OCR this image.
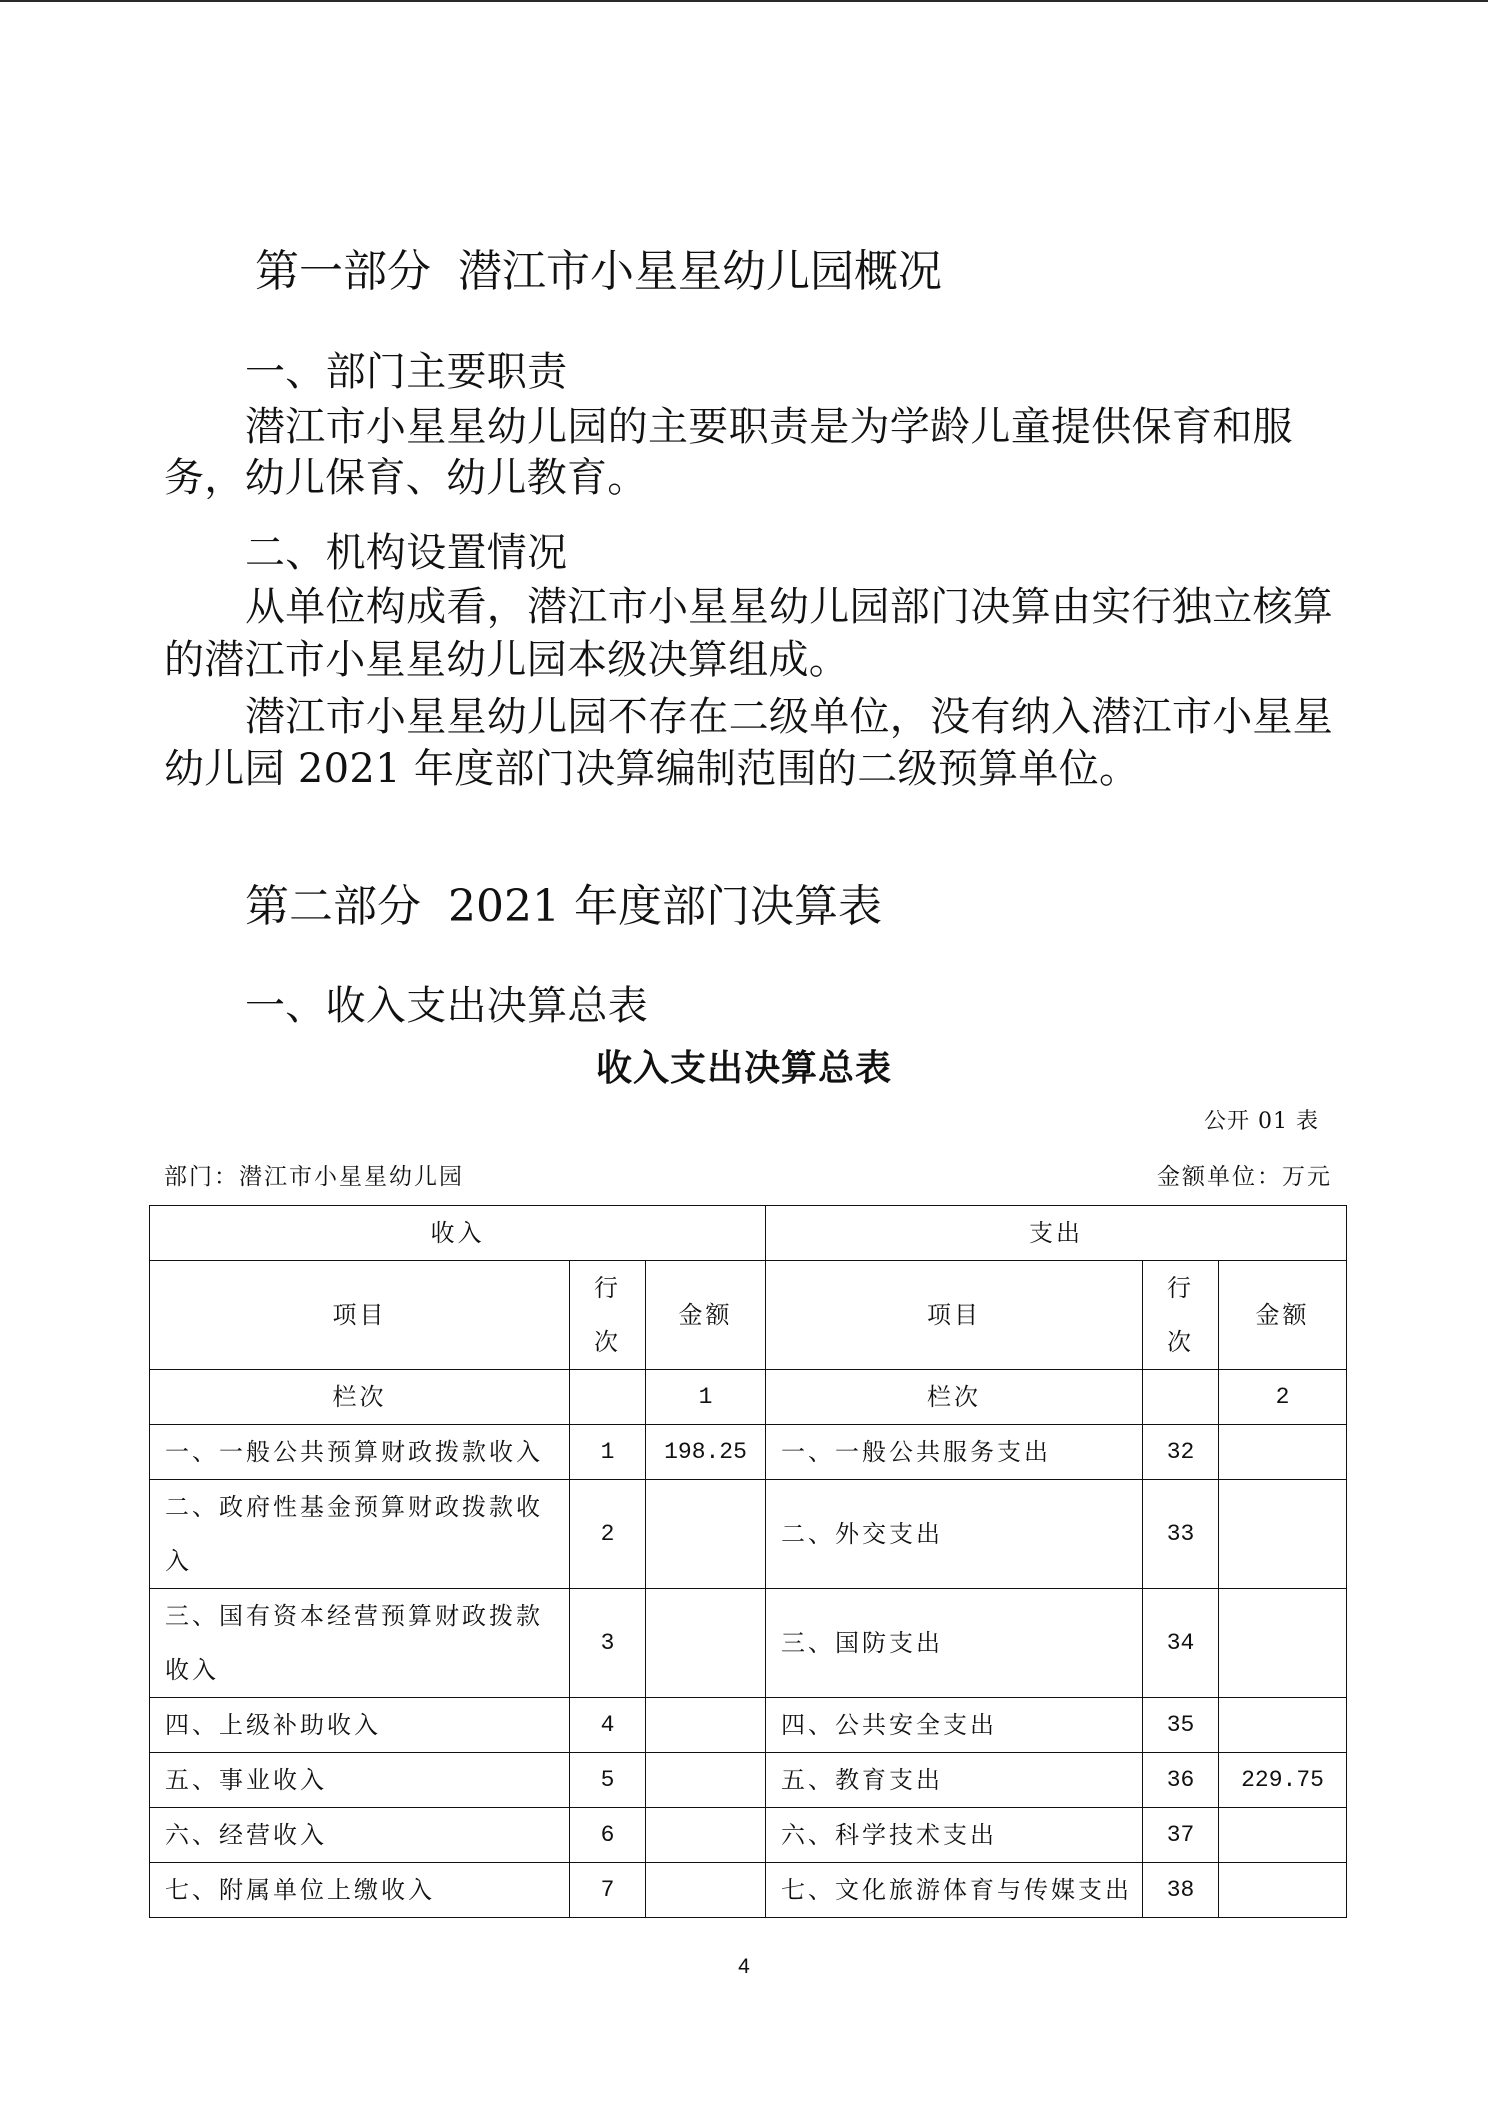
第一部分 潜江市小星星幼儿园概况
一、部门主要职责
潜江市小星星幼儿园的主要职责是为学龄儿童提供保育和服
务，幼儿保育、幼儿教育。
二、机构设置情况
从单位构成看，潜江市小星星幼儿园部门决算由实行独立核算
的潜江市小星星幼儿园本级决算组成。
潜江市小星星幼儿园不存在二级单位，没有纳入潜江市小星星
幼儿园 2021 年度部门决算编制范围的二级预算单位。
第二部分 2021 年度部门决算表
一、收入支出决算总表
收入支出决算总表
公开 01 表
部门：潜江市小星星幼儿园	金额单位：万元
收入			支出		
项目	行次	金额	项目	行次	金额
栏次		1	栏次		2

一、一般公共预算财政拨款收入	1	198.25	一、一般公共服务支出	32	

二、政府性基金预算财政拨款收
入	2		二、外交支出	33	

三、国有资本经营预算财政拨款
收入	3		三、国防支出	34	

四、上级补助收入	4		四、公共安全支出	35	

五、事业收入	5		五、教育支出	36	229.75

六、经营收入	6		六、科学技术支出	37	

七、附属单位上缴收入	7		七、文化旅游体育与传媒支出	38	
4
